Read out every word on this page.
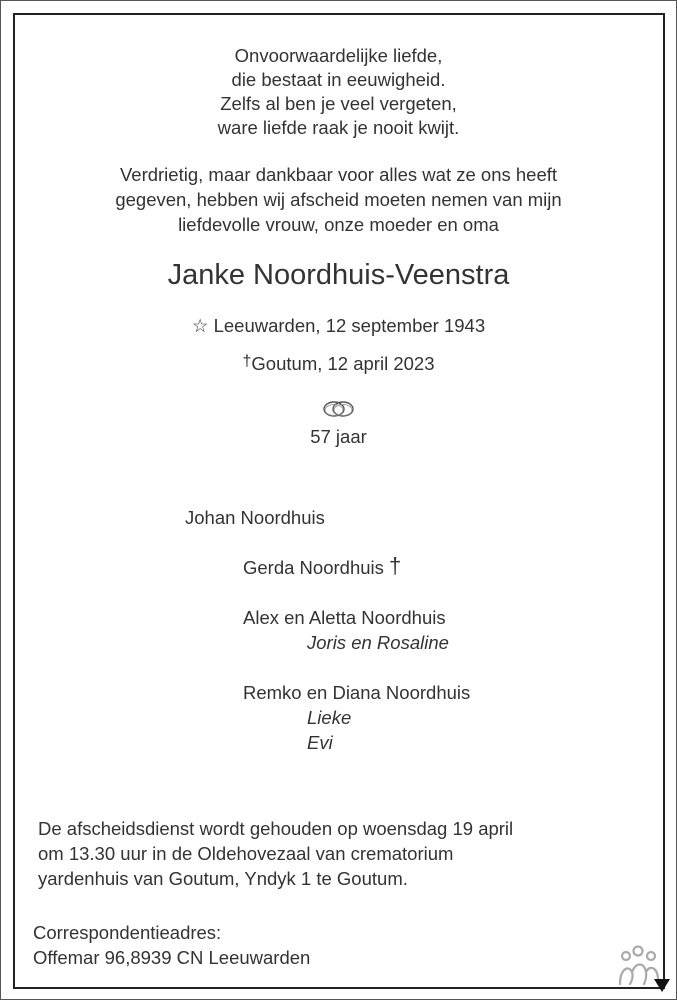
Onvoorwaardelijke liefde,
die bestaat in eeuwigheid.
Zelfs al ben je veel vergeten,
ware liefde raak je nooit kwijt.
Verdrietig, maar dankbaar voor alles wat ze ons heeft
gegeven, hebben wij afscheid moeten nemen van mijn
liefdevolle vrouw, onze moeder en oma
Janke Noordhuis-Veenstra
☆ Leeuwarden, 12 september 1943
†Goutum, 12 april 2023
57 jaar
Johan Noordhuis
Gerda Noordhuis †
Alex en Aletta Noordhuis
Joris en Rosaline
Remko en Diana Noordhuis
Lieke
Evi
De afscheidsdienst wordt gehouden op woensdag 19 april
om 13.30 uur in de Oldehovezaal van crematorium
yardenhuis van Goutum, Yndyk 1 te Goutum.
Correspondentieadres:
Offemar 96,8939 CN Leeuwarden
